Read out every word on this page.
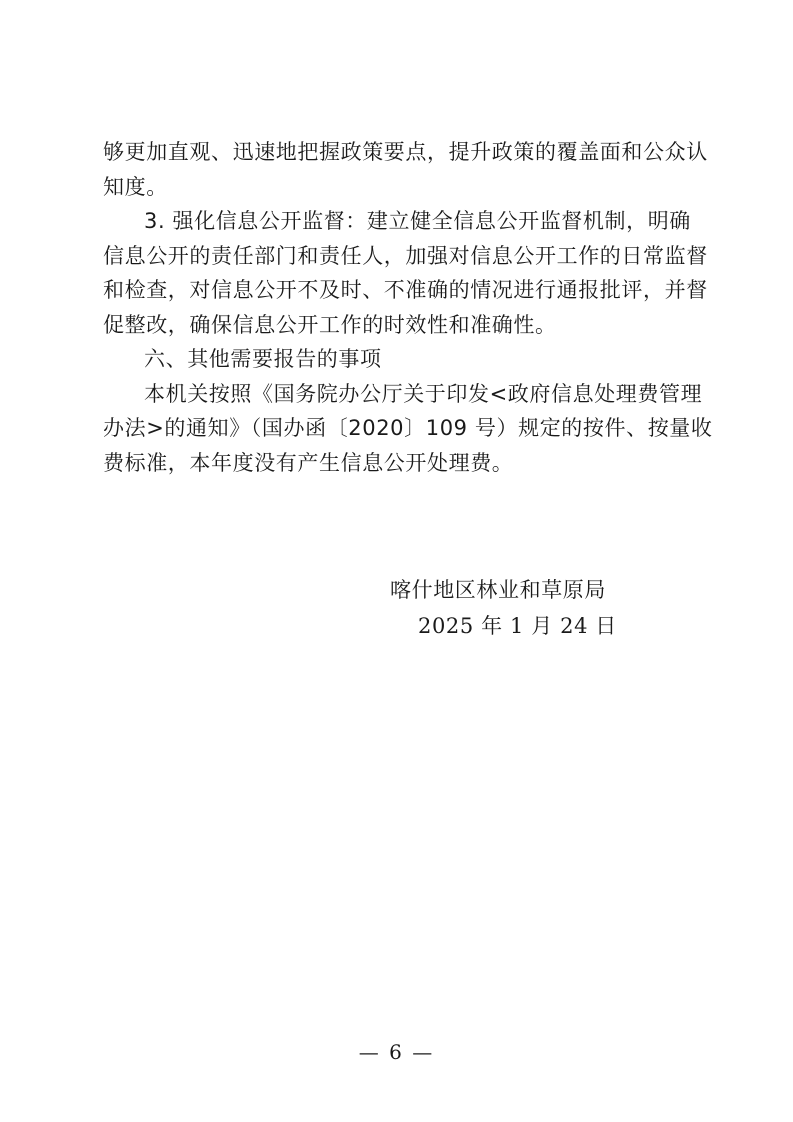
够更加直观、迅速地把握政策要点，提升政策的覆盖面和公众认
知度。
3. 强化信息公开监督：建立健全信息公开监督机制，明确
信息公开的责任部门和责任人，加强对信息公开工作的日常监督
和检查，对信息公开不及时、不准确的情况进行通报批评，并督
促整改，确保信息公开工作的时效性和准确性。
六、其他需要报告的事项
本机关按照《国务院办公厅关于印发<政府信息处理费管理
办法>的通知》（国办函〔2020〕109 号）规定的按件、按量收
费标准，本年度没有产生信息公开处理费。
喀什地区林业和草原局
2025 年 1 月 24 日
— 6 —
